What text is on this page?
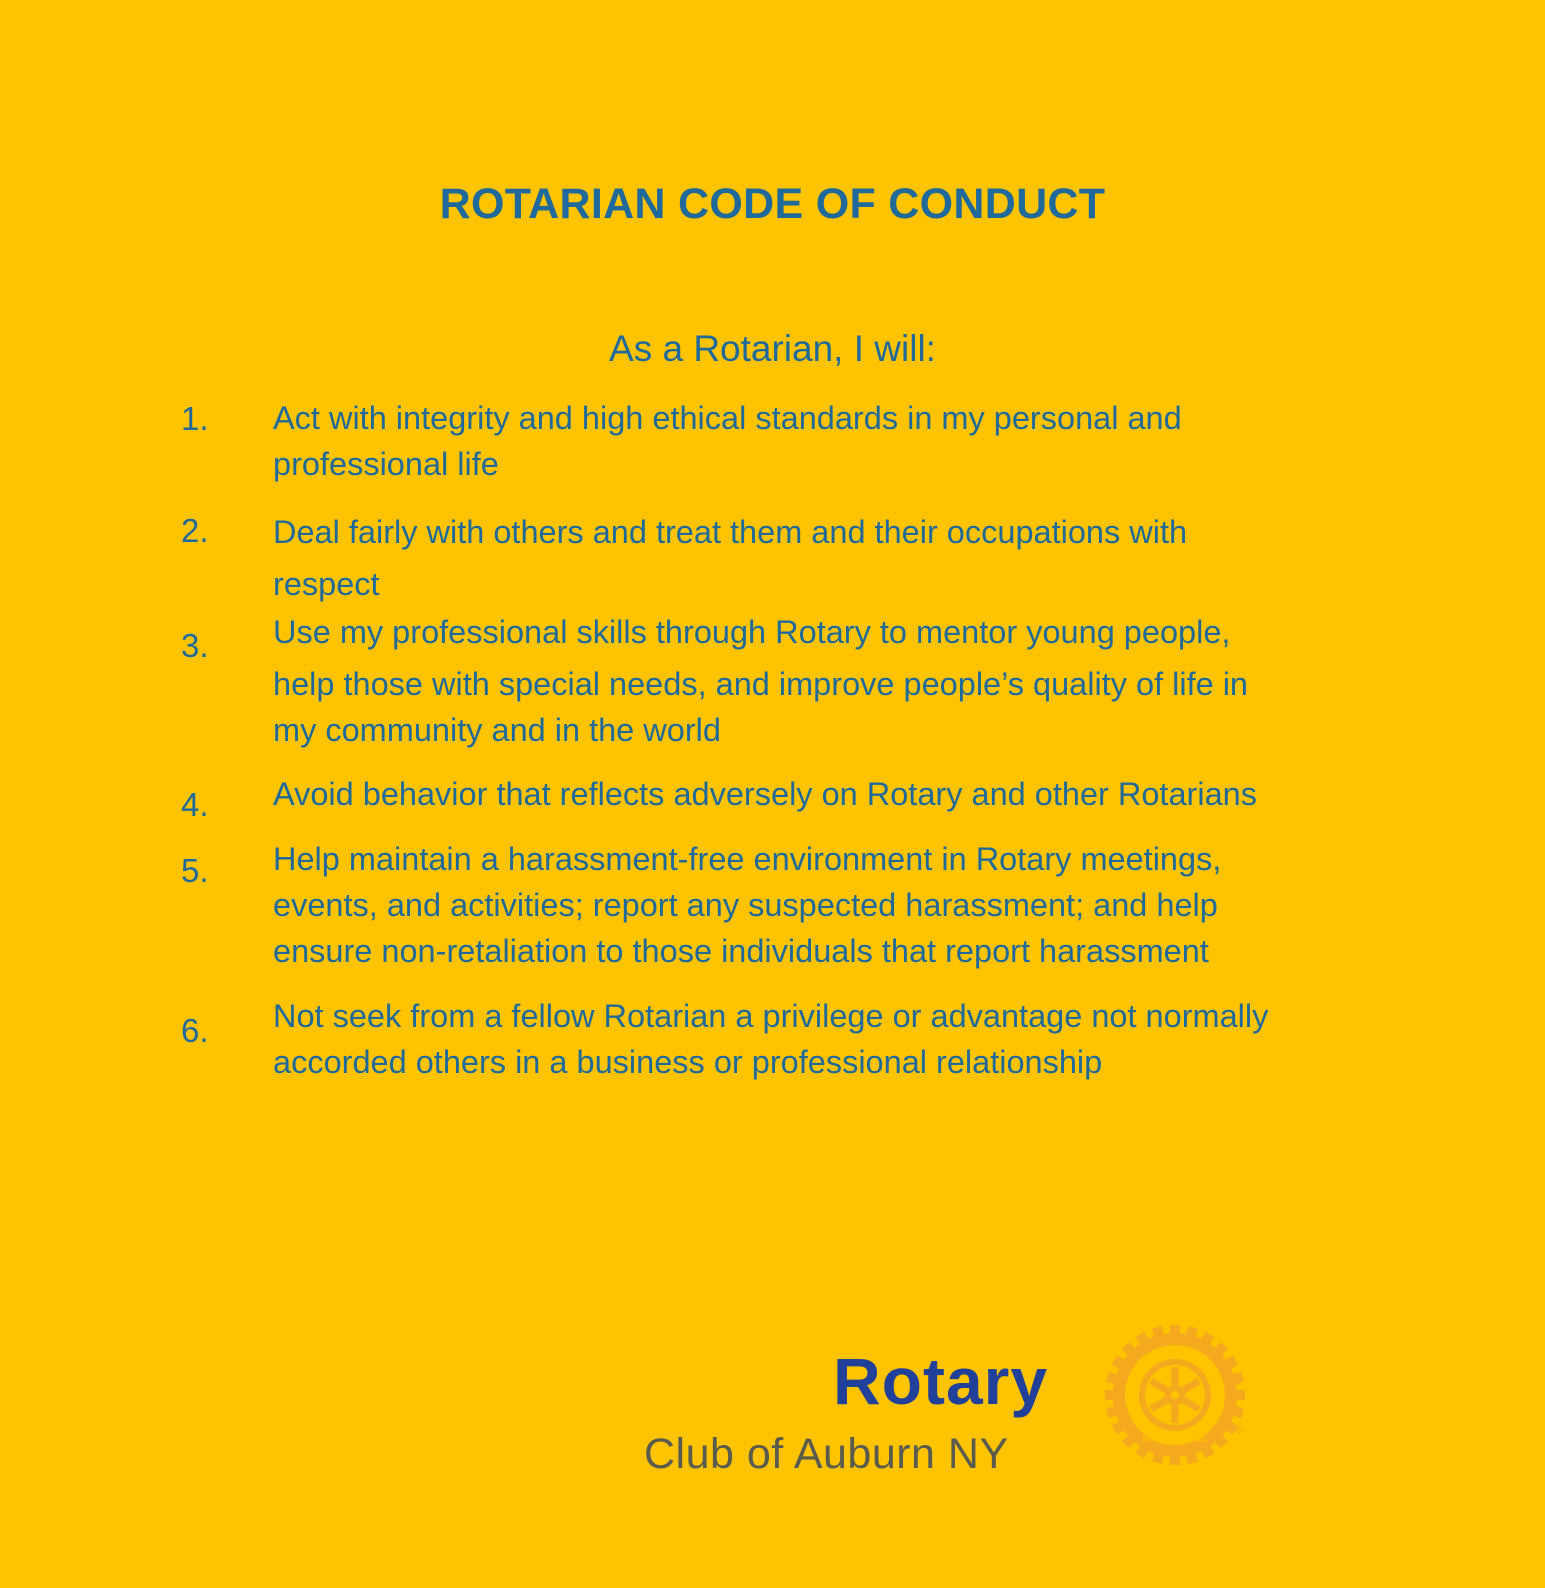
ROTARIAN CODE OF CONDUCT
As a Rotarian, I will:
1. Act with integrity and high ethical standards in my personal and
professional life
2. Deal fairly with others and treat them and their occupations with
respect
3. Use my professional skills through Rotary to mentor young people,
help those with special needs, and improve people’s quality of life in
my community and in the world
4. Avoid behavior that reflects adversely on Rotary and other Rotarians
5. Help maintain a harassment-free environment in Rotary meetings,
events, and activities; report any suspected harassment; and help
ensure non-retaliation to those individuals that report harassment
6. Not seek from a fellow Rotarian a privilege or advantage not normally
accorded others in a business or professional relationship
Rotary
Club of Auburn NY
ROTARY
INTERNATIONAL
®
